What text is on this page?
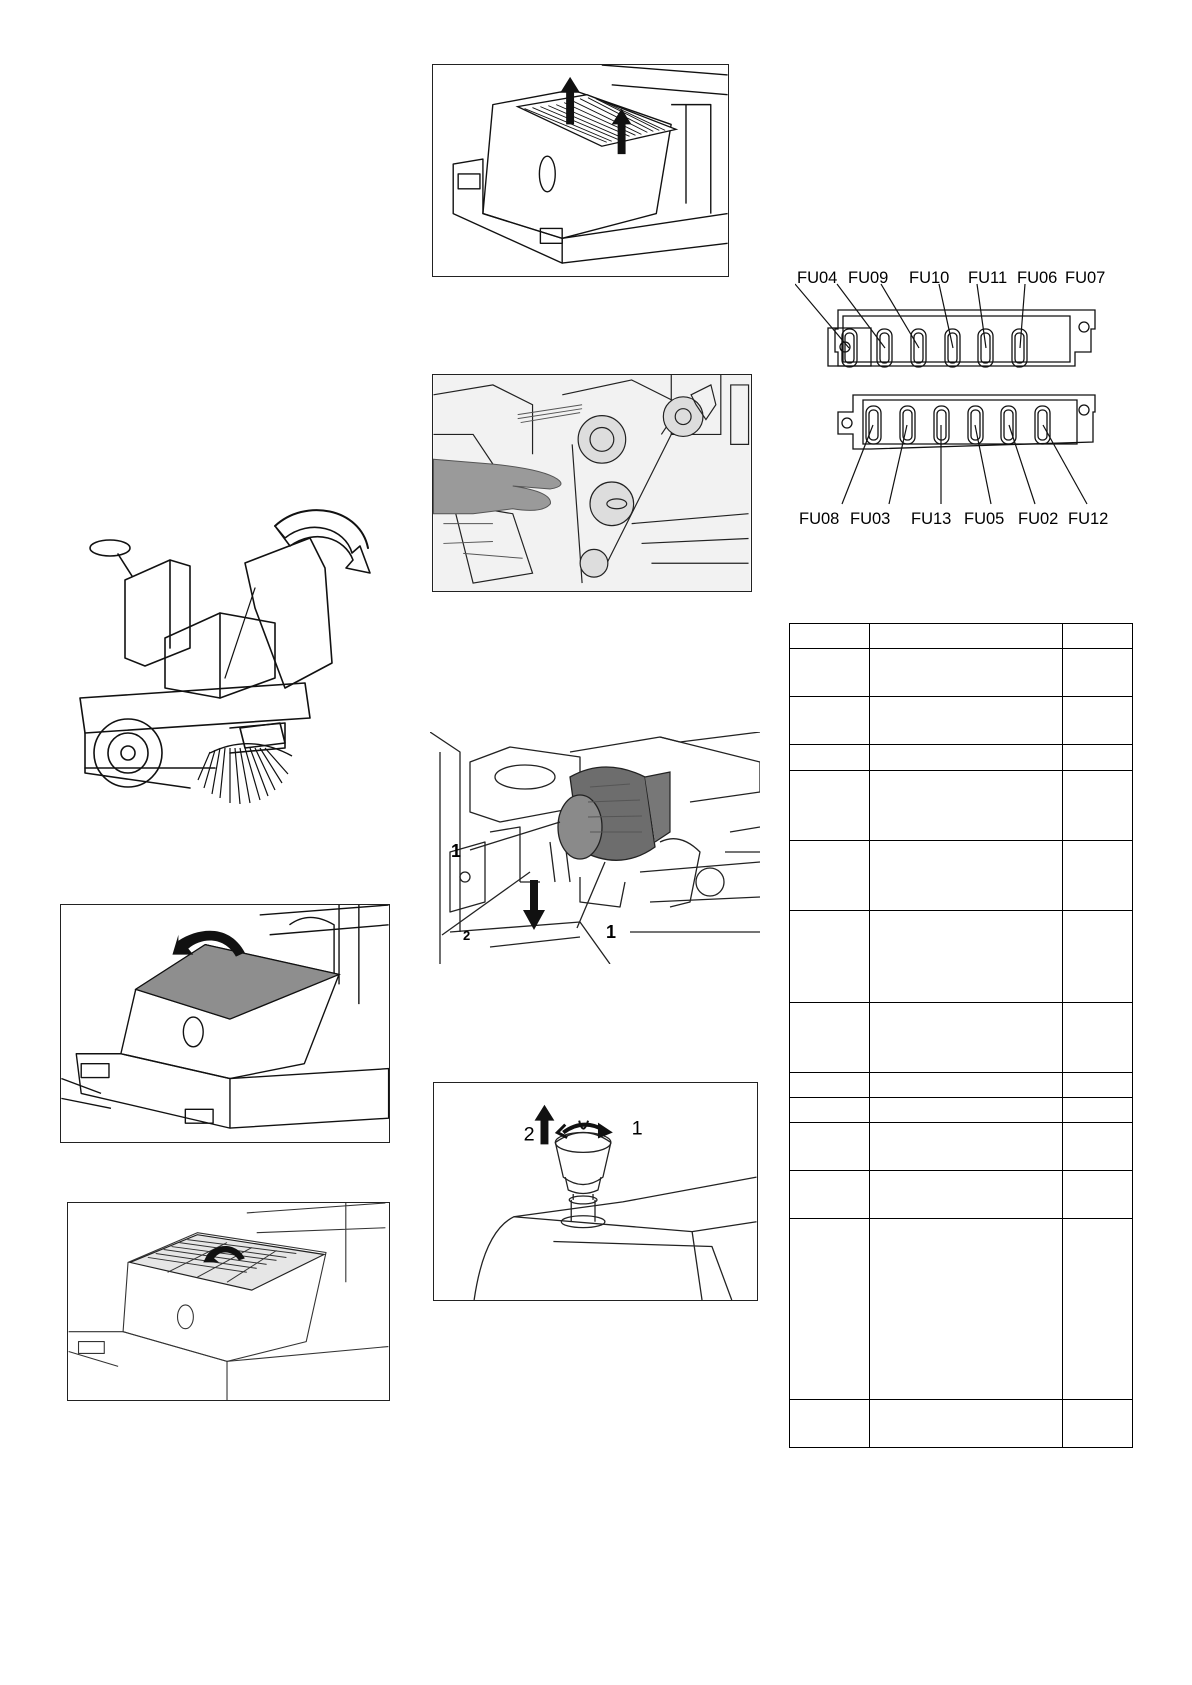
1
2	1
2	1
FU04 FU09 FU10 FU11 FU06 FU07
FU08 FU03 FU13 FU05 FU02 FU12
